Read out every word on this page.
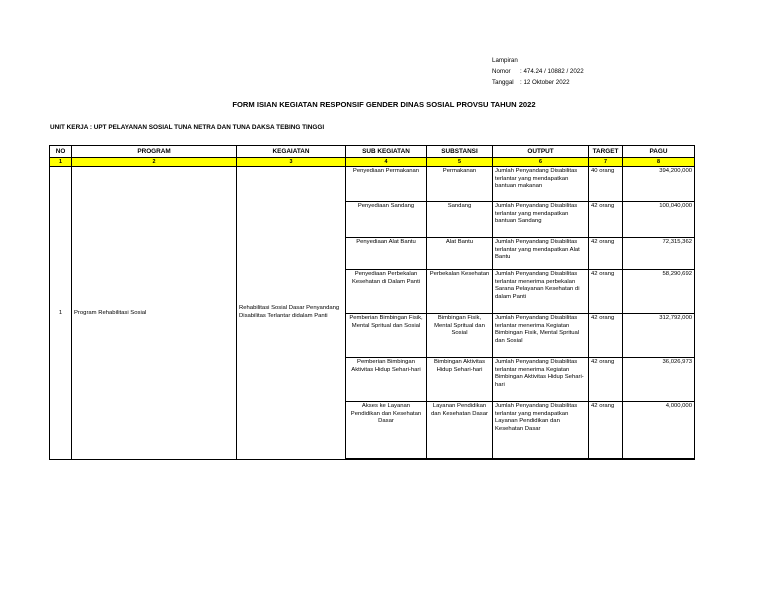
Lampiran
Nomor : 474.24 / 10882 / 2022
Tanggal : 12 Oktober 2022
FORM ISIAN KEGIATAN RESPONSIF GENDER DINAS SOSIAL PROVSU TAHUN 2022
UNIT KERJA : UPT PELAYANAN SOSIAL TUNA NETRA DAN TUNA DAKSA TEBING TINGGI
NO	PROGRAM	KEGAIATAN	SUB KEGIATAN	SUBSTANSI	OUTPUT	TARGET	PAGU
1	2	3	4	5	6	7	8
1	Program Rehabilitasi Sosial	Rehabilitasi Sosial Dasar Penyandang Disabilitas Terlantar didalam Panti	Penyediaan Permakanan	Permakanan	Jumlah Penyandang Disabilitas terlantar yang mendapatkan bantuan makanan	40 orang	394,200,000
			Penyediaan Sandang	Sandang	Jumlah Penyandang Disabilitas terlantar yang mendapatkan bantuan Sandang	42 orang	100,040,000
			Penyediaan Alat Bantu	Alat Bantu	Jumlah Penyandang Disabilitas terlantar yang mendapatkan Alat Bantu	42 orang	72,315,362
			Penyediaan Perbekalan Kesehatan di Dalam Panti	Perbekalan Kesehatan	Jumlah Penyandang Disabilitas terlantar menerima perbekalan Sarana Pelayanan Kesehatan di dalam Panti	42 orang	58,290,692
			Pemberian Bimbingan Fisik, Mental Spritual dan Sosial	Bimbingan Fisik, Mental Spritual dan Sosial	Jumlah Penyandang Disabilitas terlantar menerima Kegiatan Bimbingan Fisik, Mental Spritual dan Sosial	42 orang	312,792,000
			Pemberian Bimbingan Aktivitas Hidup Sehari-hari	Bimbingan Aktivitas Hidup Sehari-hari	Jumlah Penyandang Disabilitas terlantar menerima Kegiatan Bimbingan Aktivitas Hidup Sehari-hari	42 orang	36,026,973
			Akses ke Layanan Pendidikan dan Kesehatan Dasar	Layanan Pendidikan dan Kesehatan Dasar	Jumlah Penyandang Disabilitas terlantar yang mendapatkan Layanan Pendidikan dan Kesehatan Dasar	42 orang	4,000,000
